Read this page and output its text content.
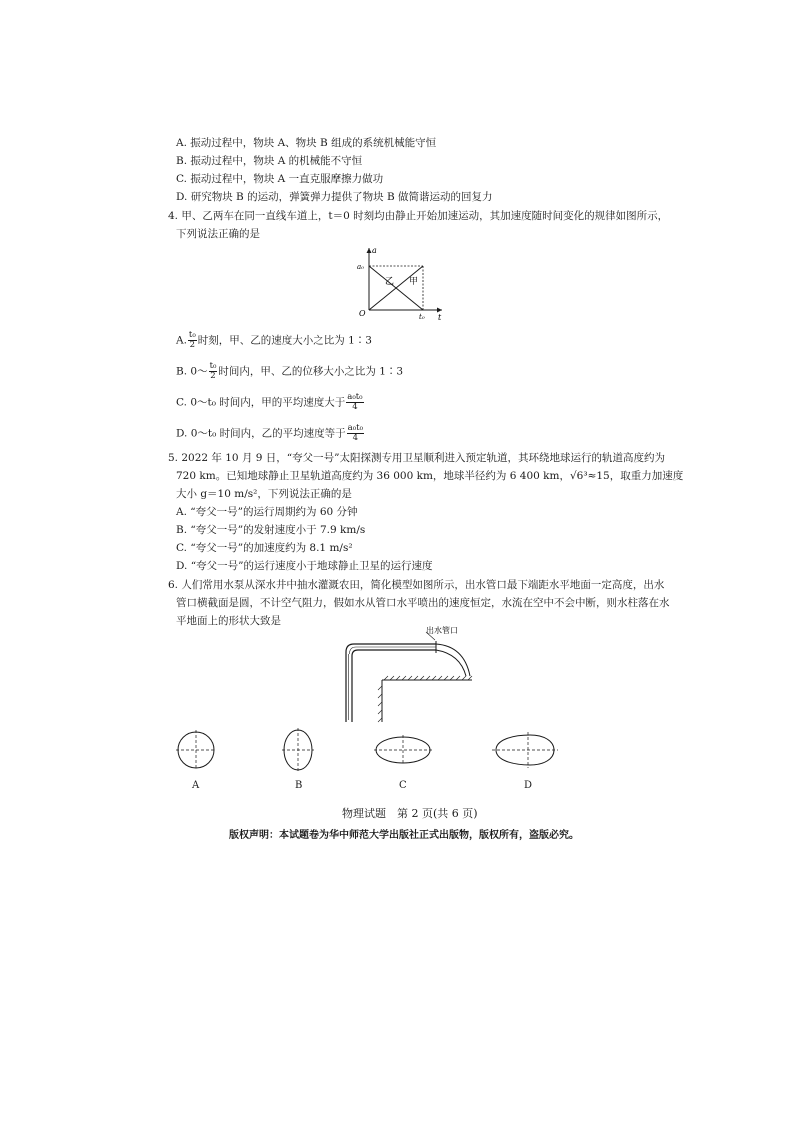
A. 振动过程中，物块 A、物块 B 组成的系统机械能守恒
B. 振动过程中，物块 A 的机械能不守恒
C. 振动过程中，物块 A 一直克服摩擦力做功
D. 研究物块 B 的运动，弹簧弹力提供了物块 B 做简谐运动的回复力
4. 甲、乙两车在同一直线车道上，t＝0 时刻均由静止开始加速运动，其加速度随时间变化的规律如图所示，
下列说法正确的是
a
t
O
a₀
t₀
乙 甲
A. $\frac{\text{t₀}}{2}$ 时刻，甲、乙的速度大小之比为 1∶3
B. 0～ $\frac{\text{t₀}}{2}$ 时间内，甲、乙的位移大小之比为 1∶3
C. 0～t₀ 时间内，甲的平均速度大于 $\frac{\text{a₀t₀}}{4}$
D. 0～t₀ 时间内，乙的平均速度等于 $\frac{\text{a₀t₀}}{4}$
5. 2022 年 10 月 9 日，“夸父一号”太阳探测专用卫星顺利进入预定轨道，其环绕地球运行的轨道高度约为
720 km。已知地球静止卫星轨道高度约为 36 000 km，地球半径约为 6 400 km，√6³≈15，取重力加速度
大小 g＝10 m/s²，下列说法正确的是
A. “夸父一号”的运行周期约为 60 分钟
B. “夸父一号”的发射速度小于 7.9 km/s
C. “夸父一号”的加速度约为 8.1 m/s²
D. “夸父一号”的运行速度小于地球静止卫星的运行速度
6. 人们常用水泵从深水井中抽水灌溉农田，简化模型如图所示，出水管口最下端距水平地面一定高度，出水
管口横截面是圆，不计空气阻力，假如水从管口水平喷出的速度恒定，水流在空中不会中断，则水柱落在水
平地面上的形状大致是
出水管口
A	B	C	D
物理试题　第 2 页(共 6 页)
版权声明：本试题卷为华中师范大学出版社正式出版物，版权所有，盗版必究。
